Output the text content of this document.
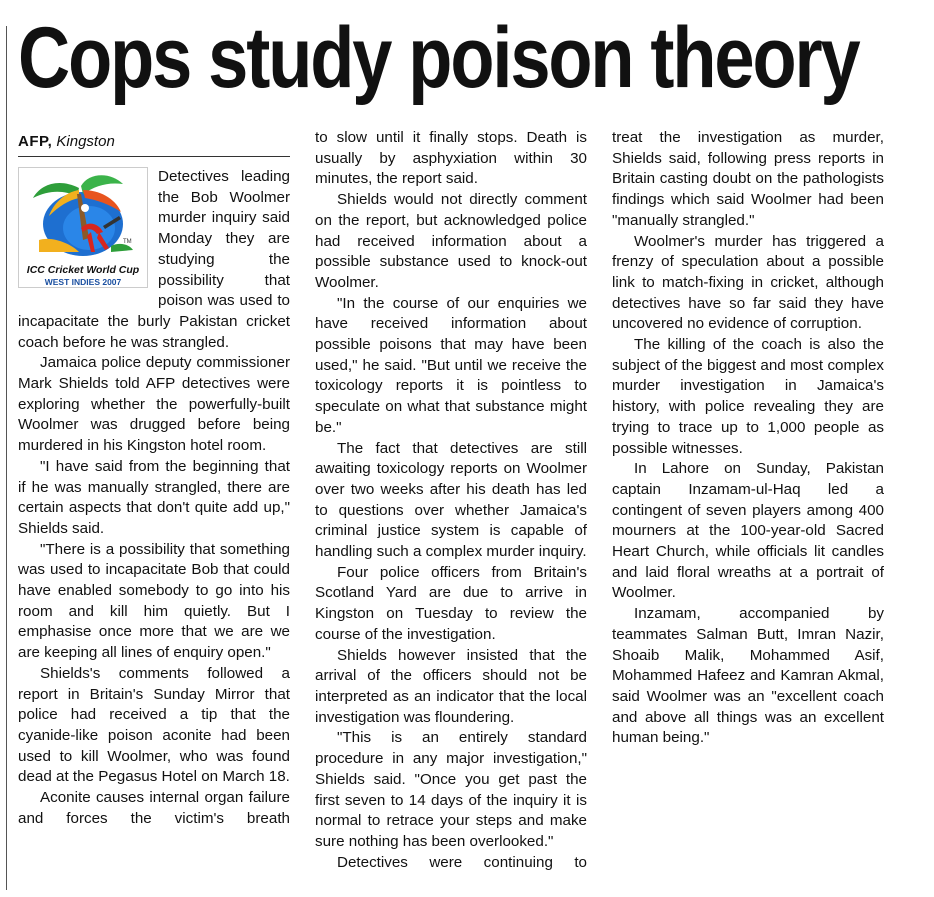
Cops study poison theory
AFP, Kingston
TM
ICC Cricket World Cup
WEST INDIES 2007

Detectives leading the Bob Woolmer murder inquiry said Monday they are studying the possibility that poison was used to incapacitate the burly Pakistan cricket coach before he was strangled.

Jamaica police deputy commissioner Mark Shields told AFP detectives were exploring whether the powerfully-built Woolmer was drugged before being murdered in his Kingston hotel room.

"I have said from the beginning that if he was manually strangled, there are certain aspects that don't quite add up," Shields said.

"There is a possibility that something was used to incapacitate Bob that could have enabled somebody to go into his room and kill him quietly. But I emphasise once more that we are we are keeping all lines of enquiry open."

Shields's comments followed a report in Britain's Sunday Mirror that police had received a tip that the cyanide-like poison aconite had been used to kill Woolmer, who was found dead at the Pegasus Hotel on March 18.

Aconite causes internal organ failure and forces the victim's breath

to slow until it finally stops. Death is usually by asphyxiation within 30 minutes, the report said.

Shields would not directly comment on the report, but acknowledged police had received information about a possible substance used to knock-out Woolmer.

"In the course of our enquiries we have received information about possible poisons that may have been used," he said. "But until we receive the toxicology reports it is pointless to speculate on what that substance might be."

The fact that detectives are still awaiting toxicology reports on Woolmer over two weeks after his death has led to questions over whether Jamaica's criminal justice system is capable of handling such a complex murder inquiry.

Four police officers from Britain's Scotland Yard are due to arrive in Kingston on Tuesday to review the course of the investigation.

Shields however insisted that the arrival of the officers should not be interpreted as an indicator that the local investigation was floundering.

"This is an entirely standard procedure in any major investigation," Shields said. "Once you get past the first seven to 14 days of the inquiry it is normal to retrace your steps and make sure nothing has been overlooked."

Detectives were continuing to

treat the investigation as murder, Shields said, following press reports in Britain casting doubt on the pathologists findings which said Woolmer had been "manually strangled."

Woolmer's murder has triggered a frenzy of speculation about a possible link to match-fixing in cricket, although detectives have so far said they have uncovered no evidence of corruption.

The killing of the coach is also the subject of the biggest and most complex murder investigation in Jamaica's history, with police revealing they are trying to trace up to 1,000 people as possible witnesses.

In Lahore on Sunday, Pakistan captain Inzamam-ul-Haq led a contingent of seven players among 400 mourners at the 100-year-old Sacred Heart Church, while officials lit candles and laid floral wreaths at a portrait of Woolmer.

Inzamam, accompanied by teammates Salman Butt, Imran Nazir, Shoaib Malik, Mohammed Asif, Mohammed Hafeez and Kamran Akmal, said Woolmer was an "excellent coach and above all things was an excellent human being."
